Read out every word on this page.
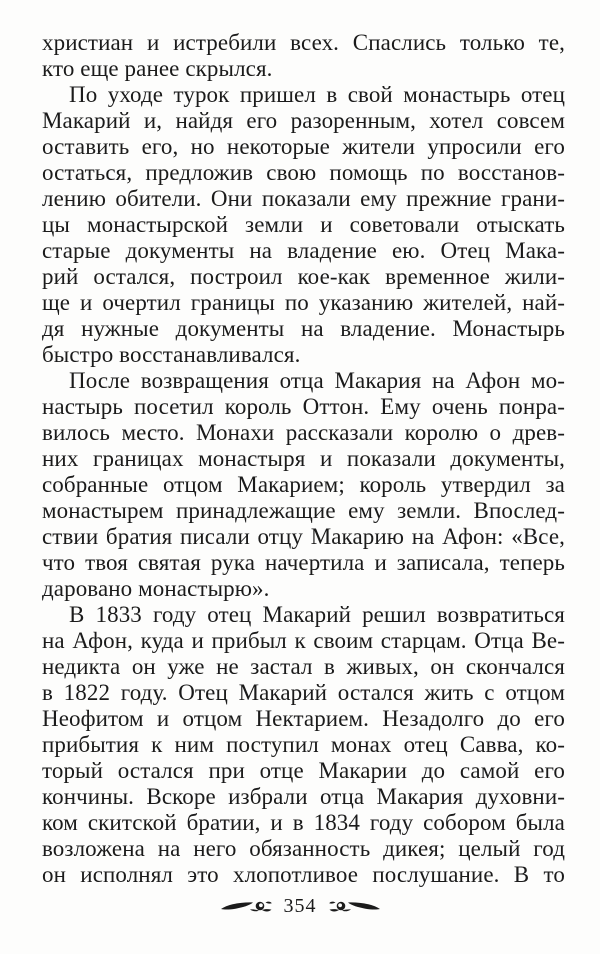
христиан и истребили всех. Спаслись только те,
кто еще ранее скрылся.

По уходе турок пришел в свой монастырь отец
Макарий и, найдя его разоренным, хотел совсем
оставить его, но некоторые жители упросили его
остаться, предложив свою помощь по восстанов-
лению обители. Они показали ему прежние грани-
цы монастырской земли и советовали отыскать
старые документы на владение ею. Отец Мака-
рий остался, построил кое-как временное жили-
ще и очертил границы по указанию жителей, най-
дя нужные документы на владение. Монастырь
быстро восстанавливался.

После возвращения отца Макария на Афон мо-
настырь посетил король Оттон. Ему очень понра-
вилось место. Монахи рассказали королю о древ-
них границах монастыря и показали документы,
собранные отцом Макарием; король утвердил за
монастырем принадлежащие ему земли. Впослед-
ствии братия писали отцу Макарию на Афон: «Все,
что твоя святая рука начертила и записала, теперь
даровано монастырю».

В 1833 году отец Макарий решил возвратиться
на Афон, куда и прибыл к своим старцам. Отца Ве-
недикта он уже не застал в живых, он скончался
в 1822 году. Отец Макарий остался жить с отцом
Неофитом и отцом Нектарием. Незадолго до его
прибытия к ним поступил монах отец Савва, ко-
торый остался при отце Макарии до самой его
кончины. Вскоре избрали отца Макария духовни-
ком скитской братии, и в 1834 году собором была
возложена на него обязанность дикея; целый год
он исполнял это хлопотливое послушание. В то

354
